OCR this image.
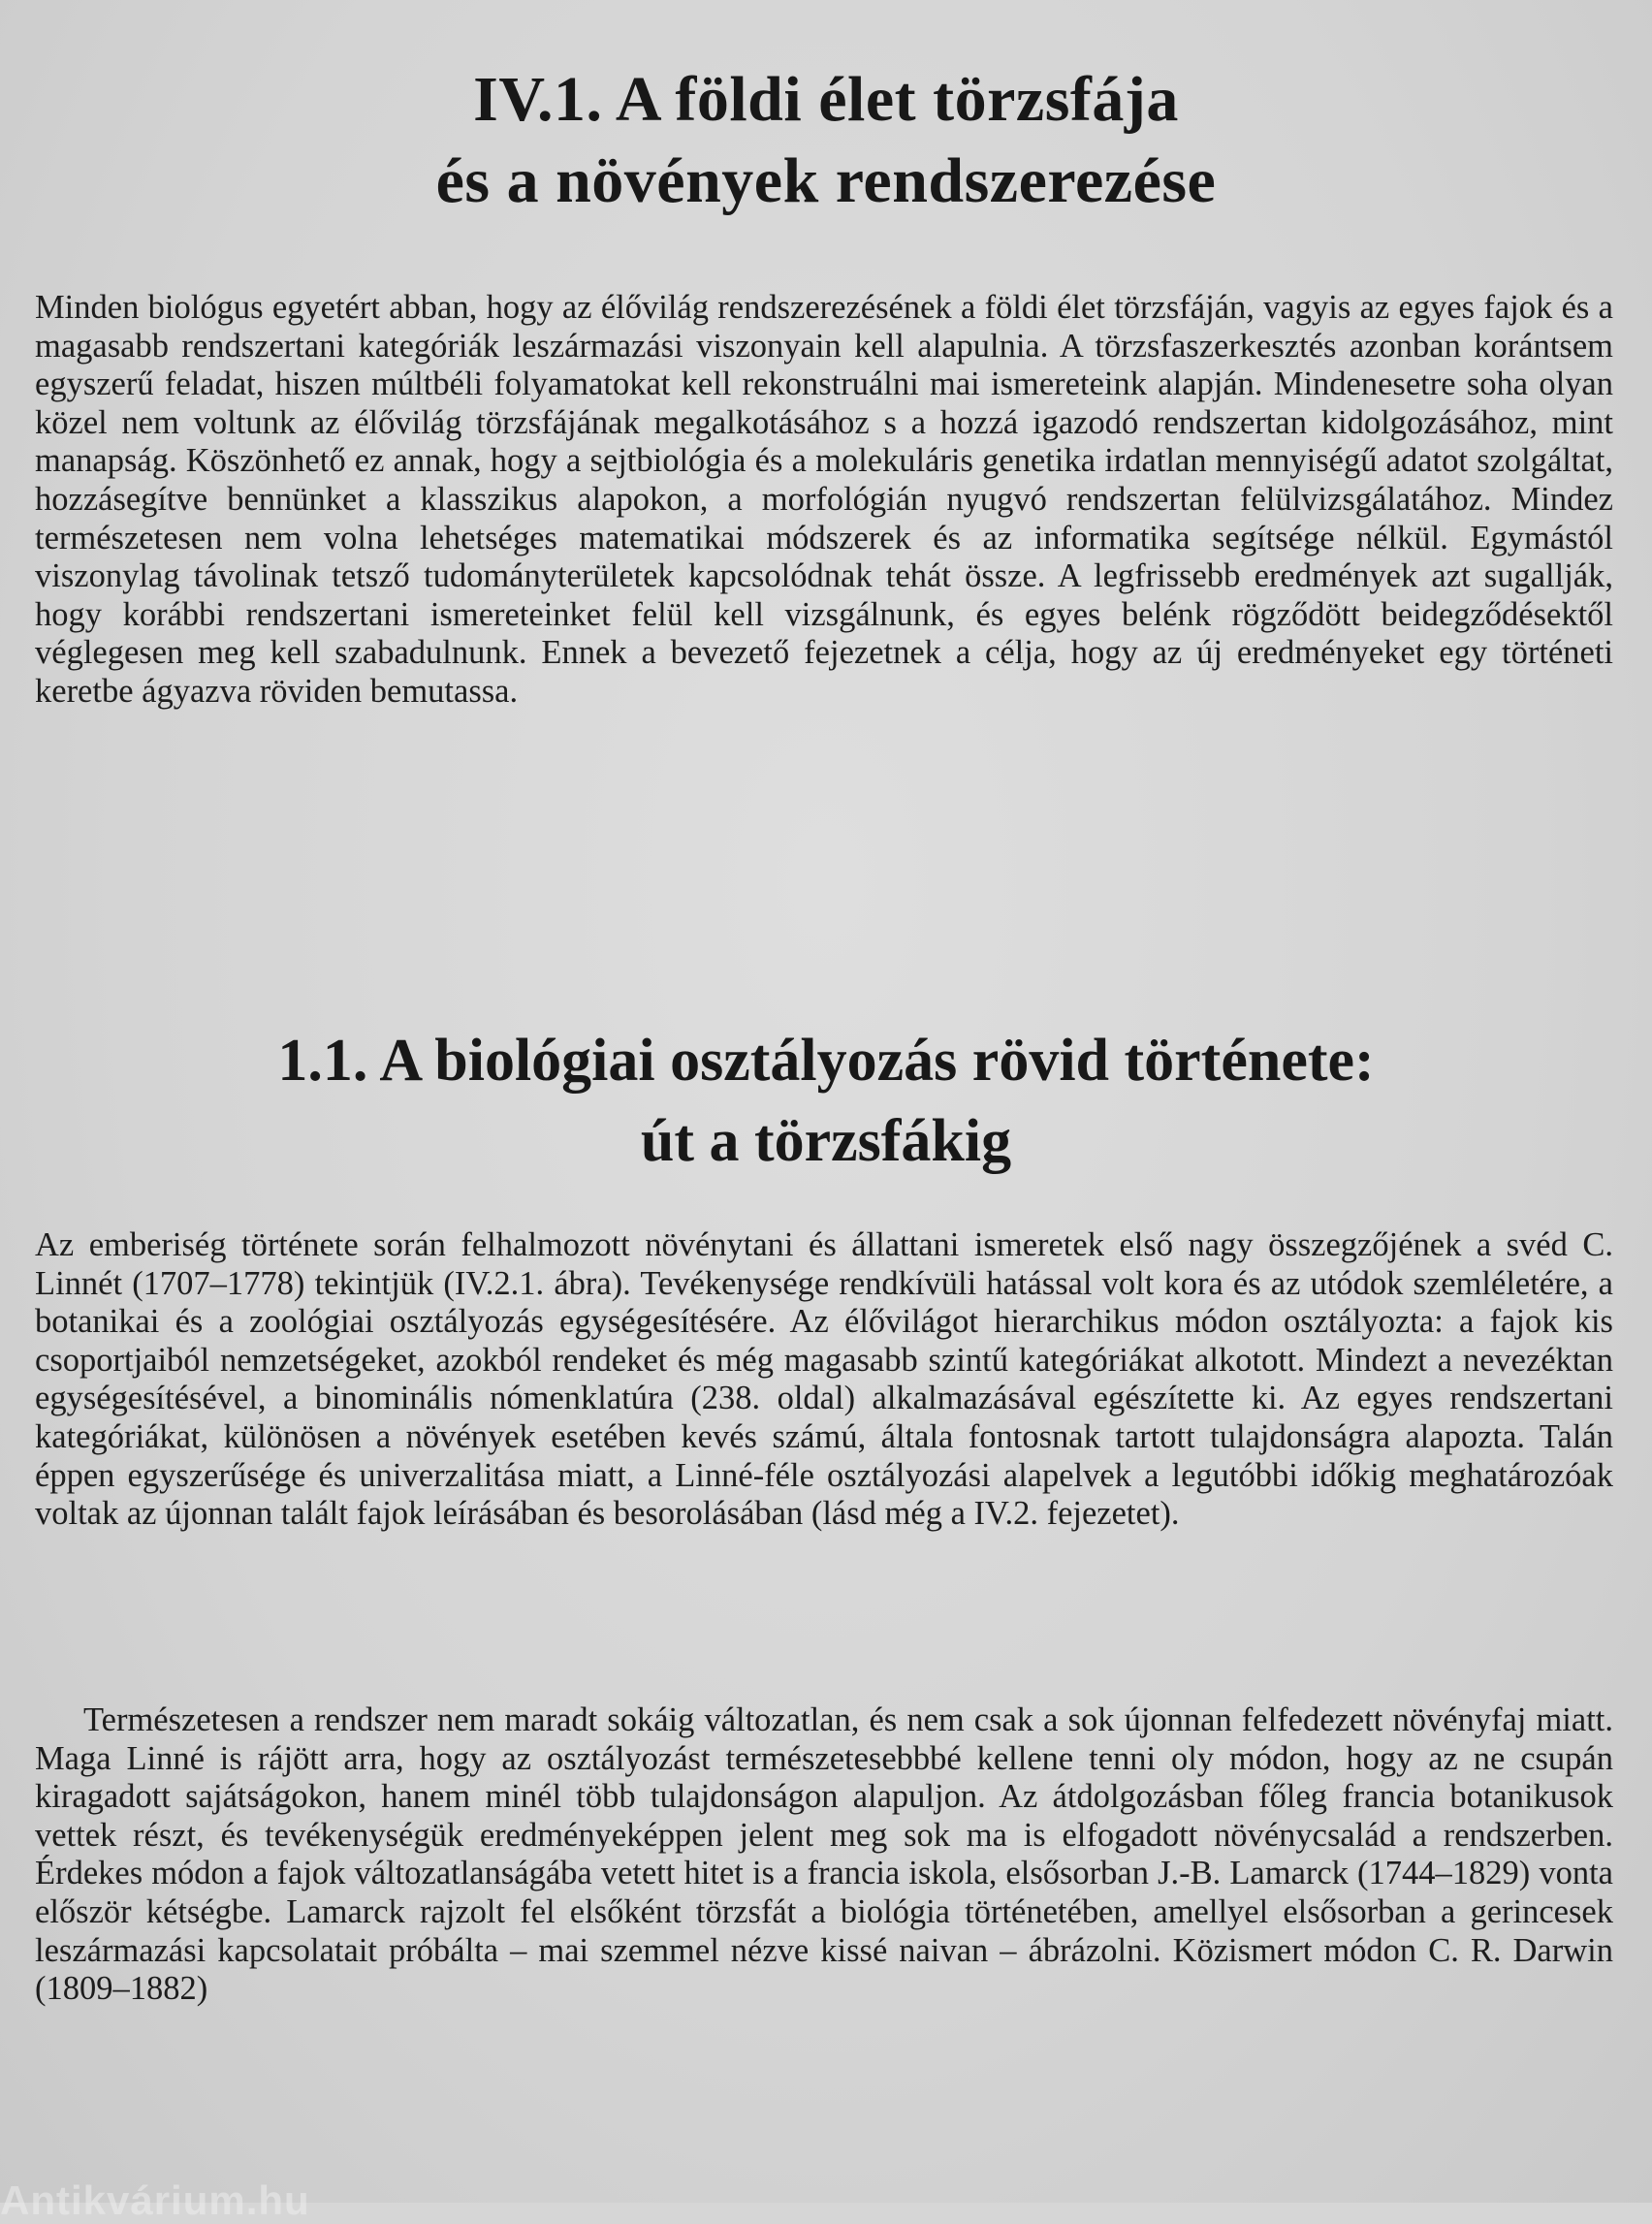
IV.1. A földi élet törzsfája
és a növények rendszerezése

Minden biológus egyetért abban, hogy az élővilág rendszerezésének a földi élet törzsfáján, vagyis az egyes fajok és a magasabb rendszertani kategóriák leszármazási viszonyain kell alapulnia. A törzsfaszerkesztés azonban korántsem egyszerű feladat, hiszen múltbéli folyamatokat kell rekonstruálni mai ismereteink alapján. Mindenesetre soha olyan közel nem voltunk az élővilág törzsfájának megalkotásához s a hozzá igazodó rendszertan kidolgozásához, mint manapság. Köszönhető ez annak, hogy a sejtbiológia és a molekuláris genetika irdatlan mennyiségű adatot szolgáltat, hozzásegítve bennünket a klasszikus alapokon, a morfológián nyugvó rendszertan felülvizsgálatához. Mindez természetesen nem volna lehetséges matematikai módszerek és az informatika segítsége nélkül. Egymástól viszonylag távolinak tetsző tudományterületek kapcsolódnak tehát össze. A legfrissebb eredmények azt sugallják, hogy korábbi rendszertani ismereteinket felül kell vizsgálnunk, és egyes belénk rögződött beidegződésektől véglegesen meg kell szabadulnunk. Ennek a bevezető fejezetnek a célja, hogy az új eredményeket egy történeti keretbe ágyazva röviden bemutassa.

1.1. A biológiai osztályozás rövid története:
út a törzsfákig

Az emberiség története során felhalmozott növénytani és állattani ismeretek első nagy összegzőjének a svéd C. Linnét (1707–1778) tekintjük (IV.2.1. ábra). Tevékenysége rendkívüli hatással volt kora és az utódok szemléletére, a botanikai és a zoológiai osztályozás egységesítésére. Az élővilágot hierarchikus módon osztályozta: a fajok kis csoportjaiból nemzetségeket, azokból rendeket és még magasabb szintű kategóriákat alkotott. Mindezt a nevezéktan egységesítésével, a binominális nómenklatúra (238. oldal) alkalmazásával egészítette ki. Az egyes rendszertani kategóriákat, különösen a növények esetében kevés számú, általa fontosnak tartott tulajdonságra alapozta. Talán éppen egyszerűsége és univerzalitása miatt, a Linné-féle osztályozási alapelvek a legutóbbi időkig meghatározóak voltak az újonnan talált fajok leírásában és besorolásában (lásd még a IV.2. fejezetet).

Természetesen a rendszer nem maradt sokáig változatlan, és nem csak a sok újonnan felfedezett növényfaj miatt. Maga Linné is rájött arra, hogy az osztályozást természetesebbbé kellene tenni oly módon, hogy az ne csupán kiragadott sajátságokon, hanem minél több tulajdonságon alapuljon. Az átdolgozásban főleg francia botanikusok vettek részt, és tevékenységük eredményeképpen jelent meg sok ma is elfogadott növénycsalád a rendszerben. Érdekes módon a fajok változatlanságába vetett hitet is a francia iskola, elsősorban J.-B. Lamarck (1744–1829) vonta először kétségbe. Lamarck rajzolt fel elsőként törzsfát a biológia történetében, amellyel elsősorban a gerincesek leszármazási kapcsolatait próbálta – mai szemmel nézve kissé naivan – ábrázolni. Közismert módon C. R. Darwin (1809–1882)

Antikvárium.hu
